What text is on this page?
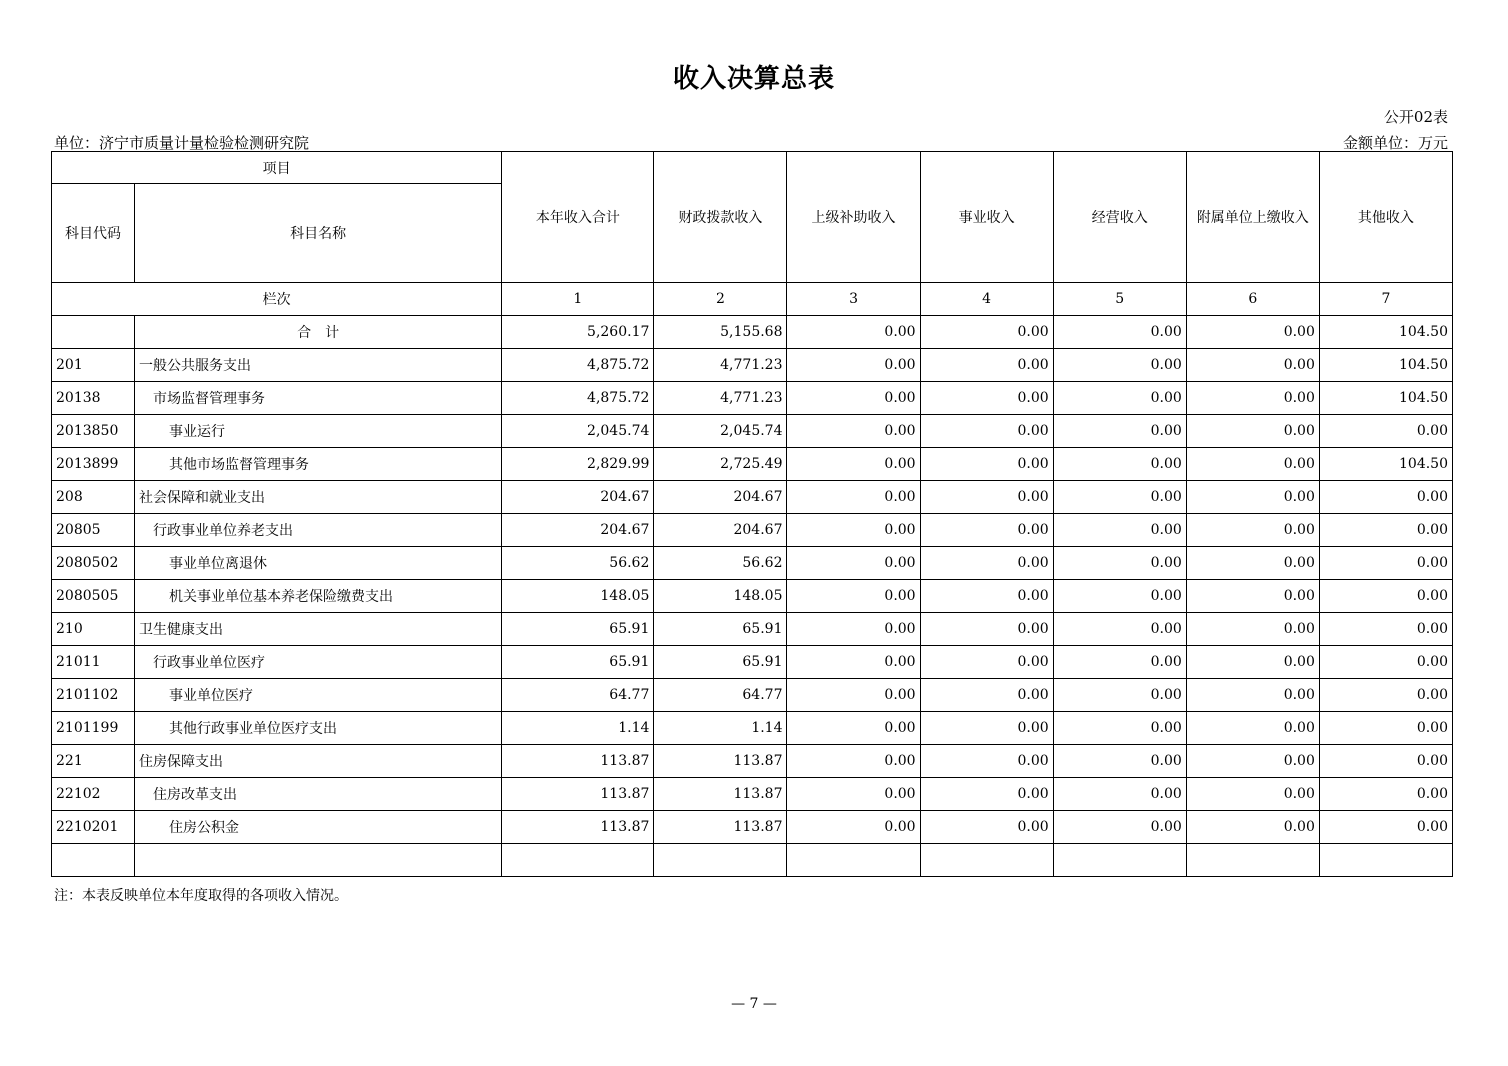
收入决算总表
公开02表
单位：济宁市质量计量检验检测研究院	金额单位：万元
项目		本年收入合计	财政拨款收入	上级补助收入	事业收入	经营收入	附属单位上缴收入	其他收入
科目代码	科目名称							
栏次		1	2	3	4	5	6	7
	合　计	5,260.17	5,155.68	0.00	0.00	0.00	0.00	104.50
201	一般公共服务支出	4,875.72	4,771.23	0.00	0.00	0.00	0.00	104.50
20138	市场监督管理事务	4,875.72	4,771.23	0.00	0.00	0.00	0.00	104.50
2013850	事业运行	2,045.74	2,045.74	0.00	0.00	0.00	0.00	0.00
2013899	其他市场监督管理事务	2,829.99	2,725.49	0.00	0.00	0.00	0.00	104.50
208	社会保障和就业支出	204.67	204.67	0.00	0.00	0.00	0.00	0.00
20805	行政事业单位养老支出	204.67	204.67	0.00	0.00	0.00	0.00	0.00
2080502	事业单位离退休	56.62	56.62	0.00	0.00	0.00	0.00	0.00
2080505	机关事业单位基本养老保险缴费支出	148.05	148.05	0.00	0.00	0.00	0.00	0.00
210	卫生健康支出	65.91	65.91	0.00	0.00	0.00	0.00	0.00
21011	行政事业单位医疗	65.91	65.91	0.00	0.00	0.00	0.00	0.00
2101102	事业单位医疗	64.77	64.77	0.00	0.00	0.00	0.00	0.00
2101199	其他行政事业单位医疗支出	1.14	1.14	0.00	0.00	0.00	0.00	0.00
221	住房保障支出	113.87	113.87	0.00	0.00	0.00	0.00	0.00
22102	住房改革支出	113.87	113.87	0.00	0.00	0.00	0.00	0.00
2210201	住房公积金	113.87	113.87	0.00	0.00	0.00	0.00	0.00

注：本表反映单位本年度取得的各项收入情况。
— 7 —
